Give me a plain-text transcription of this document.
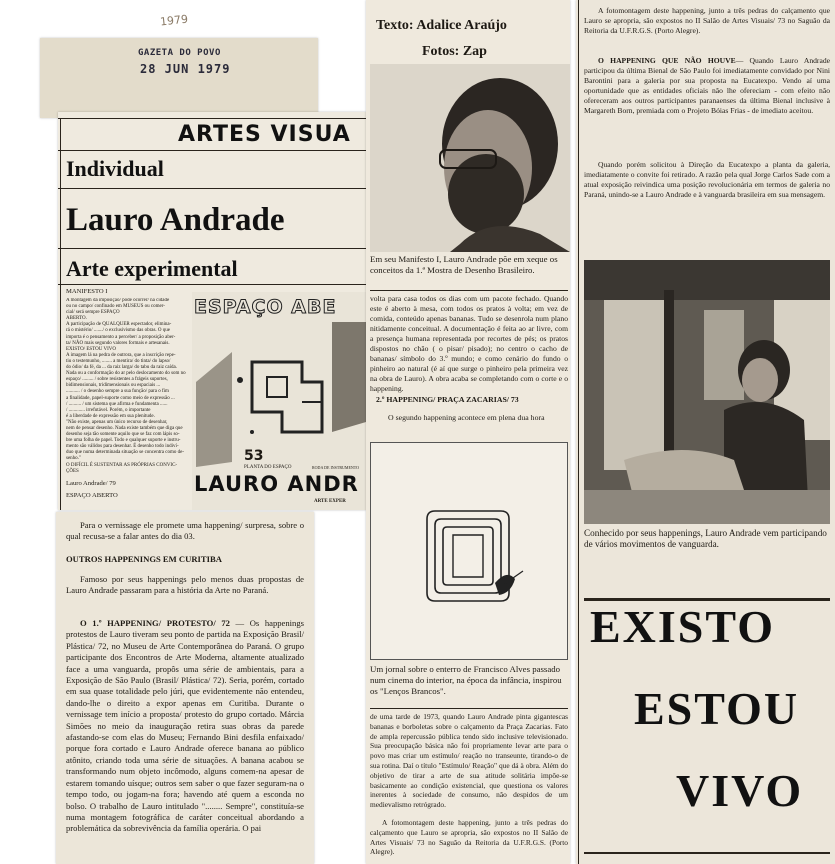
1979
GAZETA DO POVO
28 JUN 1979
ARTES VISUA
Individual
Lauro Andrade
Arte experimental
MANIFESTO I
A montagem da imposição/ pode ocorrer/ na cidade
ou no campo/ confinado em MUSEUS ou comer-
cial/ será sempre ESPAÇO
ABERTO.
A participação de QUALQUER espectador, elimina-
rá o mistério/ ......./ o exclusivismo das obras. O que
importa é o pensamento a perceber/ a proposição aber-
ta/ NÃO mais segundo valores formais e artesanais.
EXISTO/ ESTOU VIVO
A imagem lá na pedra de outrora, que a inscrição repe-
tiu o testemunho, ........ a mentira/ do tinta/ do lapso/
do ódio/ da fé, da ... da raiz larga/ do tabu da raiz caída.
Nada ou a conformação do ar pelo deslocamento do som no
espaço/ ......... / sobre resistentes a frágeis suportes,
bidimensionais, tridimensionais ou espaciais ...
........... / o desenho sempre a sua função/ para o fim
a finalidade, papel-suporte como meio de expressão ...
/ .......... / um sistema que afirma e fundamenta ......
/ ............. irrefutável. Porém, o importante
é a liberdade de expressão em sua plenitude.
"Não existe, apenas um único recurso de desenhar,
nem de pensar desenho. Nada existe também que diga que
desenho seja tão somente aquilo que se faz com lápis so-
bre uma folha de papel. Todo e qualquer suporte e instru-
mento são válidos para desenhar. É desenho todo indiví-
duo que numa determinada situação se concentra como de-
senho."
O DIFÍCIL É SUSTENTAR AS PRÓPRIAS CONVIC-
ÇÕES
Lauro Andrade/ 79
ESPAÇO ABERTO
ESPAÇO ABE
53
PLANTA DO ESPAÇO	RODA DE INSTRUMENTO
LAURO ANDR
ARTE EXPER
Para o vernissage ele promete uma happening/ surpresa, sobre o qual recusa-se a falar antes do dia 03.
OUTROS HAPPENINGS EM CURITIBA
Famoso por seus happenings pelo menos duas propostas de Lauro Andrade passaram para a história da Arte no Paraná.
O 1.º HAPPENING/ PROTESTO/ 72 — Os happenings protestos de Lauro tiveram seu ponto de partida na Exposição Brasil/ Plástica/ 72, no Museu de Arte Contemporânea do Paraná. O grupo participante dos Encontros de Arte Moderna, altamente atualizado face a uma vanguarda, propôs uma série de ambientais, para a Exposição de São Paulo (Brasil/ Plástica/ 72). Seria, porém, cortado em sua quase totalidade pelo júri, que evidentemente não entendeu, dando-lhe o direito a expor apenas em Curitiba. Durante o vernissage tem início a proposta/ protesto do grupo cortado. Márcia Simões no meio da inauguração retira suas obras da parede afastando-se com elas do Museu; Fernando Bini desfila enfaixado/ porque fora cortado e Lauro Andrade oferece banana ao público atônito, criando toda uma série de situações. A banana acabou se transformando num objeto incômodo, alguns comem-na apesar de estarem tomando uísque; outros sem saber o que fazer seguram-na o tempo todo, ou jogam-na fora; havendo até quem a esconda no bolso. O trabalho de Lauro intitulado "........ Sempre", constituía-se numa montagem fotográfica de caráter conceitual abordando a problemática da sobrevivência da família operária. O pai
Texto: Adalice Araújo
Fotos: Zap
Em seu Manifesto I, Lauro Andrade põe em xeque os conceitos da 1.ª Mostra de Desenho Brasileiro.
volta para casa todos os dias com um pacote fechado. Quando este é aberto à mesa, com todos os pratos à volta; em vez de comida, conteúdo apenas bananas. Tudo se desenrola num plano nitidamente conceitual. A documentação é feita ao ar livre, com a presença humana representada por recortes de pés; os pratos dispostos no chão ( o pisar/ pisado); no centro o cacho de bananas/ símbolo do 3.º mundo; e como cenário do fundo o pinheiro ao natural (é aí que surge o pinheiro pela primeira vez na obra de Lauro). A obra acaba se completando com o corte e o happening.
2.º HAPPENING/ PRAÇA ZACARIAS/ 73
O segundo happening acontece em plena dua hora
Um jornal sobre o enterro de Francisco Alves passado num cinema do interior, na época da infância, inspirou os "Lenços Brancos".
de uma tarde de 1973, quando Lauro Andrade pinta gigantescas bananas e borboletas sobre o calçamento da Praça Zacarias. Fato de ampla repercussão pública tendo sido inclusive televisionado. Sua preocupação básica não foi propriamente levar arte para o povo mas criar um estímulo/ reação no transeunte, tirando-o de sua rotina. Daí o título "Estímulo/ Reação" que dá à obra. Além do objetivo de tirar a arte de sua atitude solitária impõe-se basicamente ao condição existencial, que questiona os valores inerentes à sociedade de consumo, não despidos de um medievalismo retrógrado.
A fotomontagem deste happening, junto a três pedras do calçamento que Lauro se apropria, são expostos no II Salão de Artes Visuais/ 73 no Saguão da Reitoria da U.F.R.G.S. (Porto Alegre).
A fotomontagem deste happening, junto a três pedras do calçamento que Lauro se apropria, são expostos no II Salão de Artes Visuais/ 73 no Saguão da Reitoria da U.F.R.G.S. (Porto Alegre).
O HAPPENING QUE NÃO HOUVE— Quando Lauro Andrade participou da última Bienal de São Paulo foi imediatamente convidado por Nini Barontini para a galeria por sua proposta na Eucatexpo. Vendo aí uma oportunidade que as entidades oficiais não lhe ofereciam - com efeito não ofereceram aos outros participantes paranaenses da última Bienal inclusive à Margareth Born, premiada com o Projeto Bóias Frias - de imediato aceitou.
Quando porém solicitou à Direção da Eucatexpo a planta da galeria, imediatamente o convite foi retirado. A razão pela qual Jorge Carlos Sade com a atual exposição reivindica uma posição revolucionária em termos de galeria no Paraná, unindo-se a Lauro Andrade e à vanguarda brasileira em sua mensagem.
Conhecido por seus happenings, Lauro Andrade vem participando de vários movimentos de vanguarda.
EXISTO
ESTOU
VIVO
